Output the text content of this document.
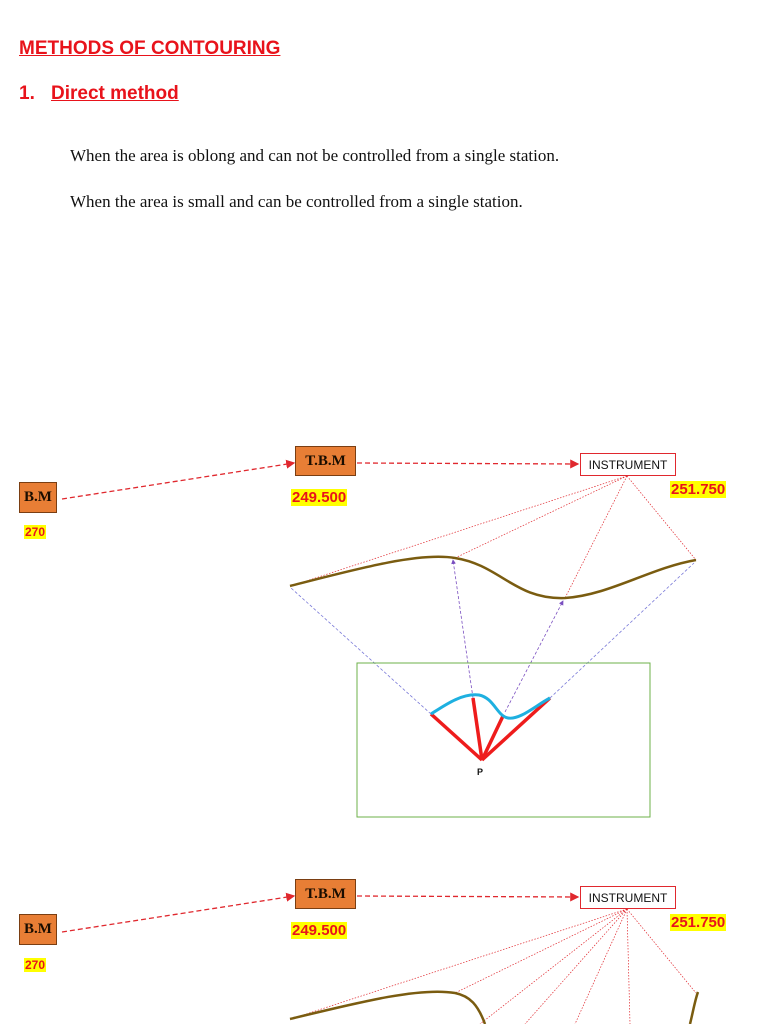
METHODS OF CONTOURING
1. Direct method
When the area is oblong and can not be controlled from a single station.
When the area is small and can be controlled from a single station.
B.M
270
T.B.M
249.500
INSTRUMENT
251.750
P
B.M
270
T.B.M
249.500
INSTRUMENT
251.750
